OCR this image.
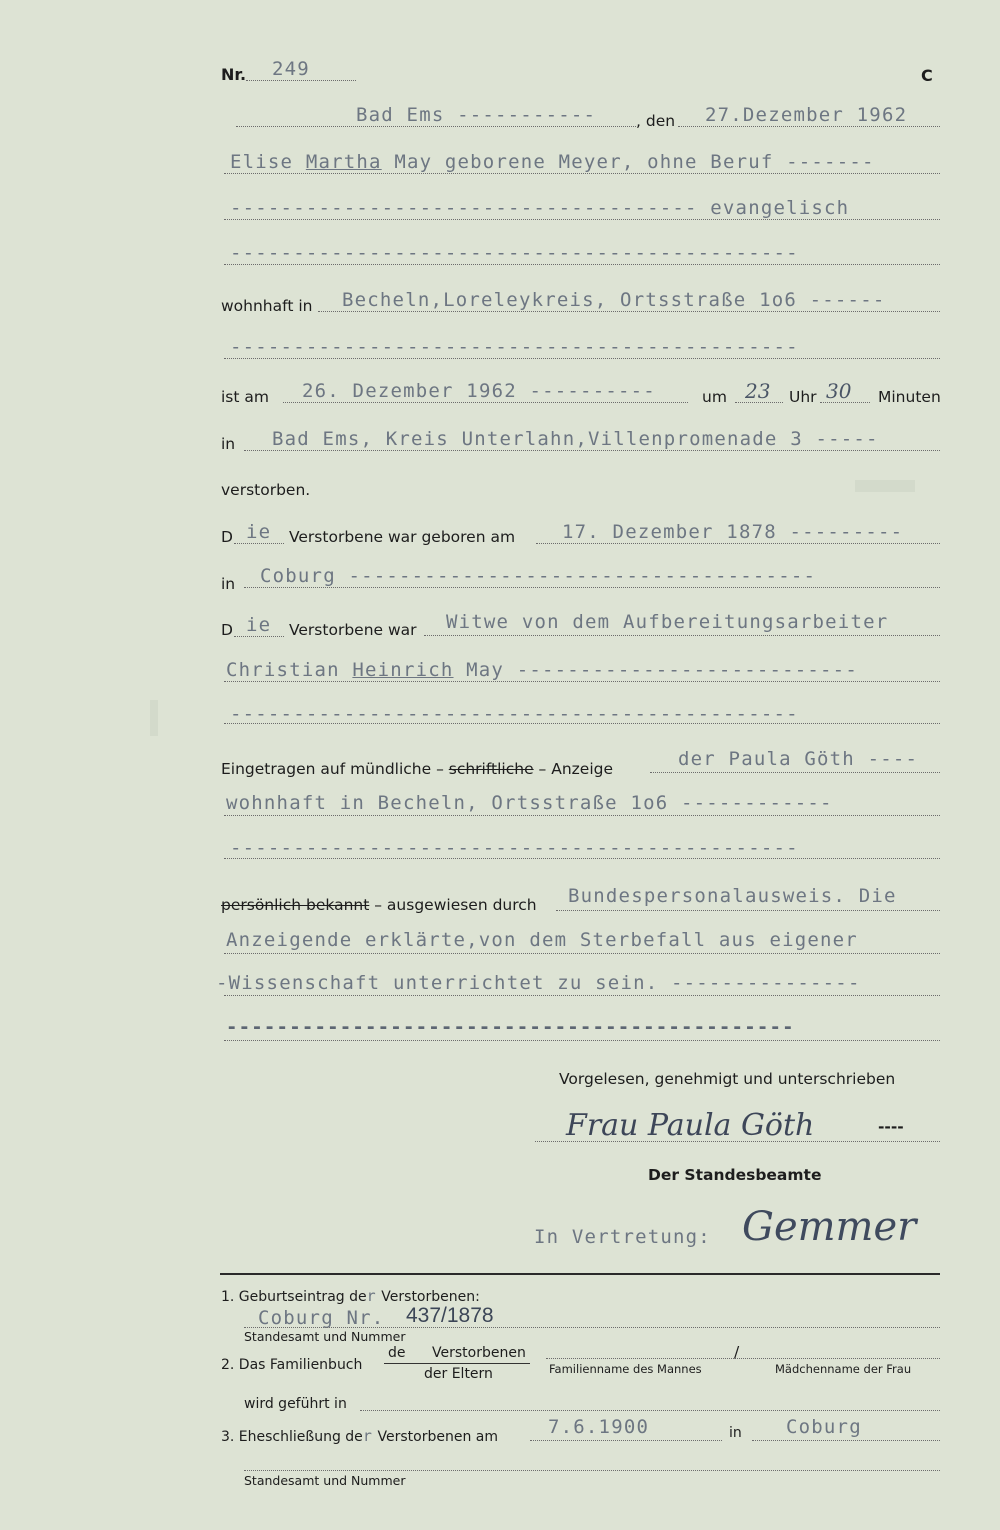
Nr. 249	C
Bad Ems -----------	, den 27.Dezember 1962
Elise Martha May geborene Meyer, ohne Beruf -------
------------------------------------- evangelisch
---------------------------------------------
wohnhaft in Becheln,Loreleykreis, Ortsstraße 1o6 ------
---------------------------------------------
ist am 26. Dezember 1962 ----------	um 23 Uhr 30 Minuten
in Bad Ems, Kreis Unterlahn,Villenpromenade 3 -----
verstorben.
D ie Verstorbene war geboren am 17. Dezember 1878 ---------
in Coburg -------------------------------------
D ie Verstorbene war Witwe von dem Aufbereitungsarbeiter
Christian Heinrich May ---------------------------
---------------------------------------------
Eingetragen auf mündliche – schriftliche – Anzeige	der Paula Göth ----
wohnhaft in Becheln, Ortsstraße 1o6 ------------
---------------------------------------------
persönlich bekannt – ausgewiesen durch Bundespersonalausweis. Die
Anzeigende erklärte,von dem Sterbefall aus eigener
-Wissenschaft unterrichtet zu sein. ---------------
---------------------------------------------
Vorgelesen, genehmigt und unterschrieben
Frau Paula Göth	----
Der Standesbeamte
In Vertretung: Gemmer
1. Geburtseintrag der Verstorbenen:
Coburg Nr. 437/1878
Standesamt und Nummer
2. Das Familienbuch
de Verstorbenen
der Eltern
/
Familienname des Mannes	Mädchenname der Frau
wird geführt in
3. Eheschließung der Verstorbenen am	7.6.1900	in Coburg
Standesamt und Nummer
